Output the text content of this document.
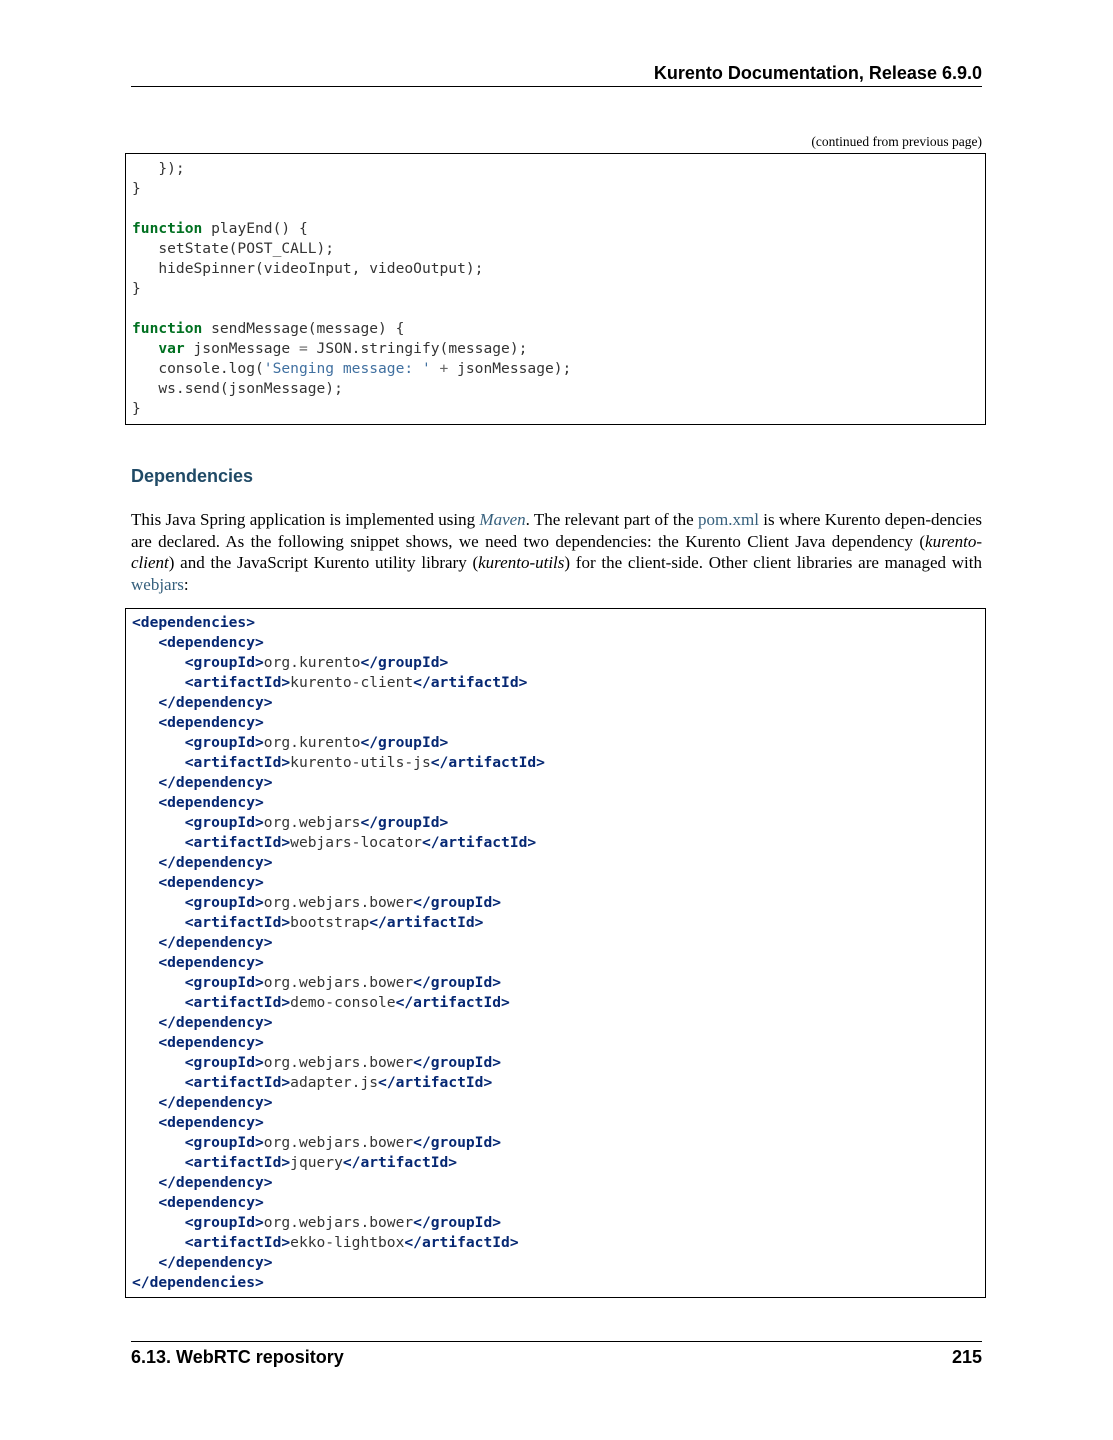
Kurento Documentation, Release 6.9.0
(continued from previous page)
});
}
function playEnd() {
setState(POST_CALL);
hideSpinner(videoInput, videoOutput);
}
function sendMessage(message) {
var jsonMessage = JSON.stringify(message);
console.log('Senging message: ' + jsonMessage);
ws.send(jsonMessage);
}
Dependencies
This Java Spring application is implemented using Maven. The relevant part of the pom.xml is where Kurento depen-dencies are declared. As the following snippet shows, we need two dependencies: the Kurento Client Java dependency (kurento-client) and the JavaScript Kurento utility library (kurento-utils) for the client-side. Other client libraries are managed with webjars:
<dependencies>
<dependency>
<groupId>org.kurento</groupId>
<artifactId>kurento-client</artifactId>
</dependency>
<dependency>
<groupId>org.kurento</groupId>
<artifactId>kurento-utils-js</artifactId>
</dependency>
<dependency>
<groupId>org.webjars</groupId>
<artifactId>webjars-locator</artifactId>
</dependency>
<dependency>
<groupId>org.webjars.bower</groupId>
<artifactId>bootstrap</artifactId>
</dependency>
<dependency>
<groupId>org.webjars.bower</groupId>
<artifactId>demo-console</artifactId>
</dependency>
<dependency>
<groupId>org.webjars.bower</groupId>
<artifactId>adapter.js</artifactId>
</dependency>
<dependency>
<groupId>org.webjars.bower</groupId>
<artifactId>jquery</artifactId>
</dependency>
<dependency>
<groupId>org.webjars.bower</groupId>
<artifactId>ekko-lightbox</artifactId>
</dependency>
</dependencies>
6.13. WebRTC repository	215
